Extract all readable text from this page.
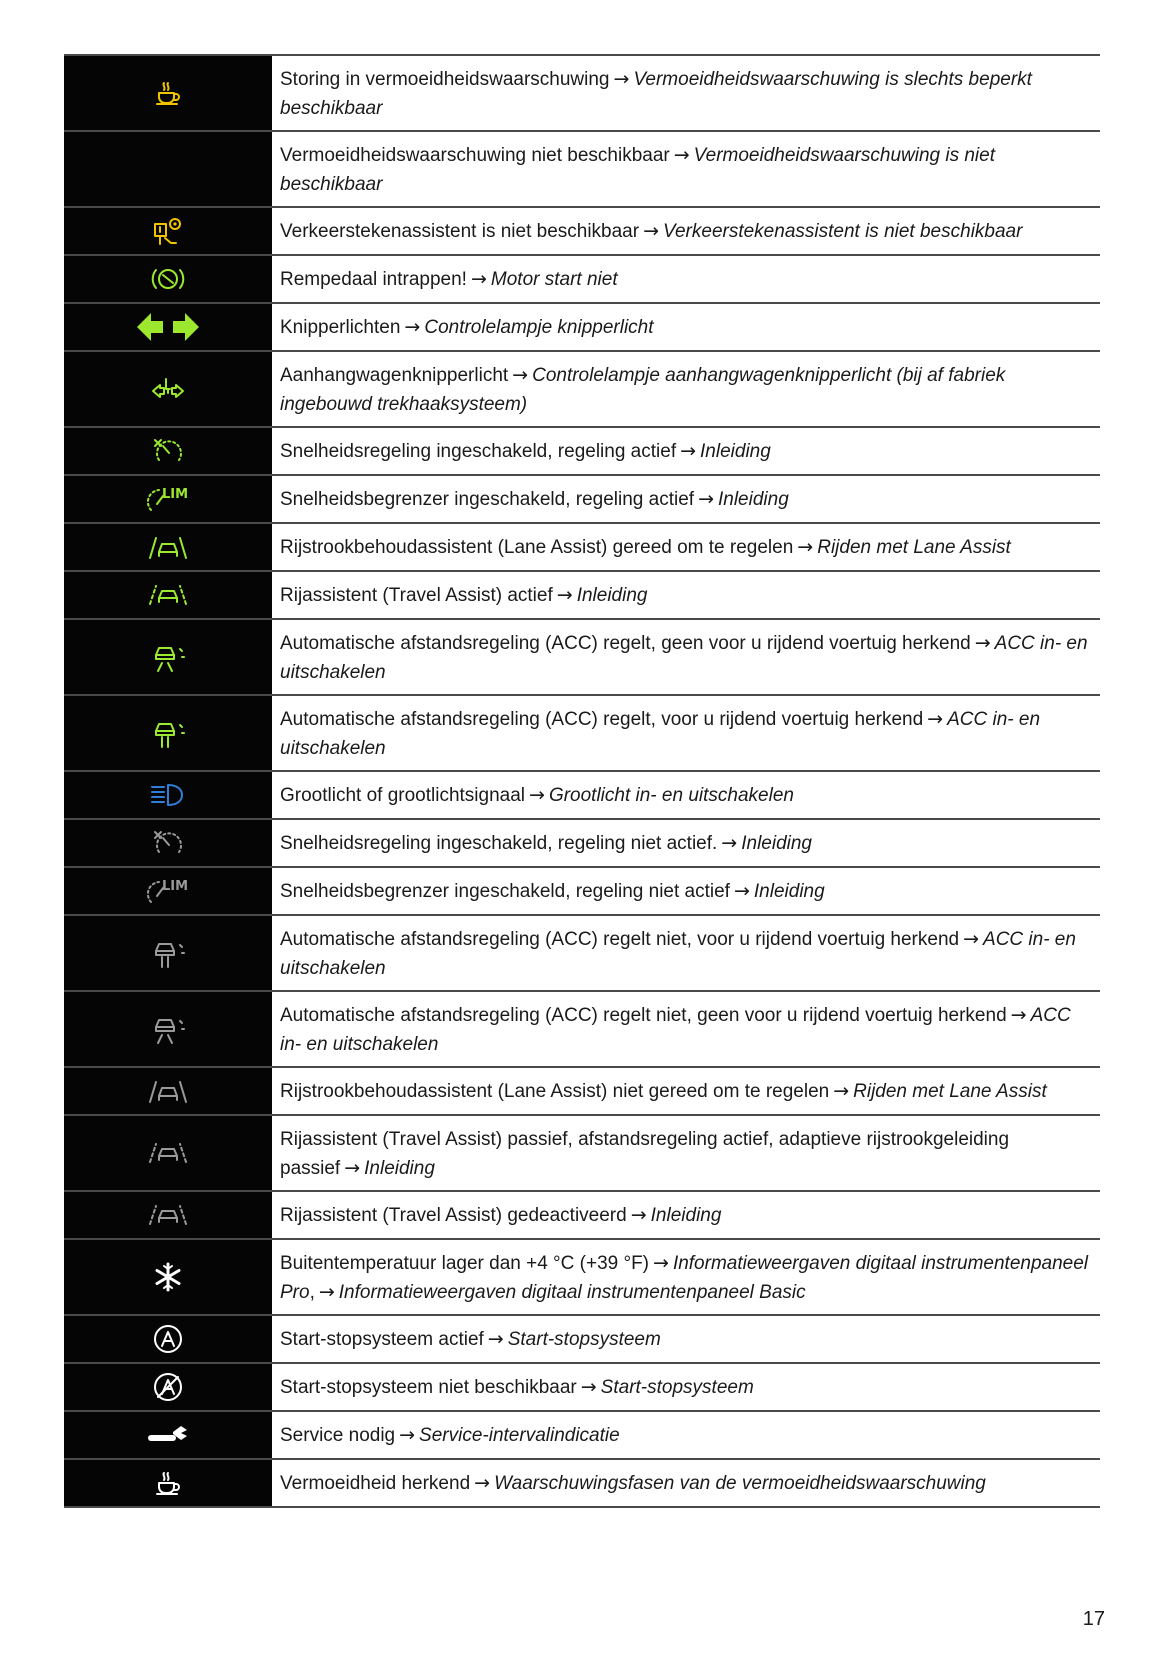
Storing in vermoeidheidswaarschuwing → Vermoeidheidswaarschuwing is slechts beperkt beschikbaar

Vermoeidheidswaarschuwing niet beschikbaar → Vermoeidheidswaarschuwing is niet beschikbaar

Verkeerstekenassistent is niet beschikbaar → Verkeerstekenassistent is niet beschikbaar

Rempedaal intrappen! → Motor start niet

Knipperlichten → Controlelampje knipperlicht

Aanhangwagenknipperlicht → Controlelampje aanhangwagenknipperlicht (bij af fabriek ingebouwd trekhaaksysteem)

Snelheidsregeling ingeschakeld, regeling actief → Inleiding

LIM	Snelheidsbegrenzer ingeschakeld, regeling actief → Inleiding

Rijstrookbehoudassistent (Lane Assist) gereed om te regelen → Rijden met Lane Assist

Rijassistent (Travel Assist) actief → Inleiding

Automatische afstandsregeling (ACC) regelt, geen voor u rijdend voertuig herkend → ACC in- en uitschakelen

Automatische afstandsregeling (ACC) regelt, voor u rijdend voertuig herkend → ACC in- en uitschakelen

Grootlicht of grootlichtsignaal → Grootlicht in- en uitschakelen

Snelheidsregeling ingeschakeld, regeling niet actief. → Inleiding

LIM	Snelheidsbegrenzer ingeschakeld, regeling niet actief → Inleiding

Automatische afstandsregeling (ACC) regelt niet, voor u rijdend voertuig herkend → ACC in- en uitschakelen

Automatische afstandsregeling (ACC) regelt niet, geen voor u rijdend voertuig herkend → ACC in- en uitschakelen

Rijstrookbehoudassistent (Lane Assist) niet gereed om te regelen → Rijden met Lane Assist

Rijassistent (Travel Assist) passief, afstandsregeling actief, adaptieve rijstrookgeleiding passief → Inleiding

Rijassistent (Travel Assist) gedeactiveerd → Inleiding

Buitentemperatuur lager dan +4 °C (+39 °F) → Informatieweergaven digitaal instrumentenpaneel Pro, → Informatieweergaven digitaal instrumentenpaneel Basic

Start-stopsysteem actief → Start-stopsysteem

Start-stopsysteem niet beschikbaar → Start-stopsysteem

Service nodig → Service-intervalindicatie

Vermoeidheid herkend → Waarschuwingsfasen van de vermoeidheidswaarschuwing

17
